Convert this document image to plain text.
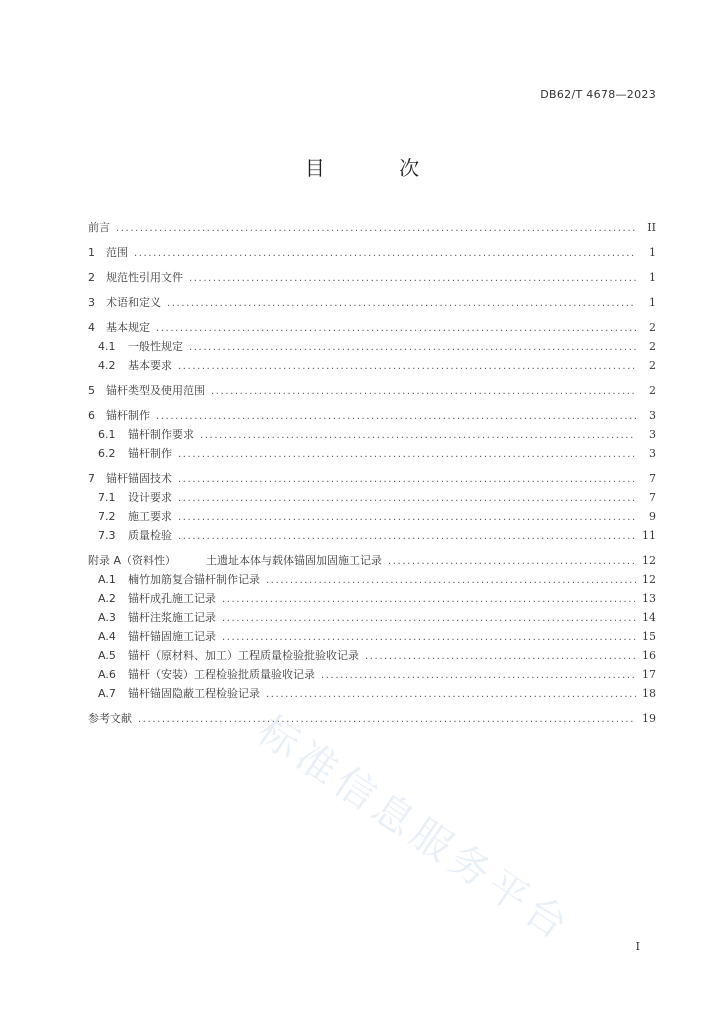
DB62/T 4678—2023
目 次
前言 .....	II
1	范围 .....	1
2	规范性引用文件 .....	1
3	术语和定义 .....	1
4	基本规定 .....	2
4.1	一般性规定 .....	2
4.2	基本要求 .....	2
5	锚杆类型及使用范围 .....	2
6	锚杆制作 .....	3
6.1	锚杆制作要求 .....	3
6.2	锚杆制作 .....	3
7	锚杆锚固技术 .....	7
7.1	设计要求 .....	7
7.2	施工要求 .....	9
7.3	质量检验 .....	11
附录 A（资料性）	土遗址本体与载体锚固加固施工记录 .....	12
A.1	楠竹加筋复合锚杆制作记录 .....	12
A.2	锚杆成孔施工记录 .....	13
A.3	锚杆注浆施工记录 .....	14
A.4	锚杆锚固施工记录 .....	15
A.5	锚杆（原材料、加工）工程质量检验批验收记录 .....	16
A.6	锚杆（安装）工程检验批质量验收记录 .....	17
A.7	锚杆锚固隐蔽工程检验记录 .....	18
参考文献 .....	19
标准信息服务平台	I
